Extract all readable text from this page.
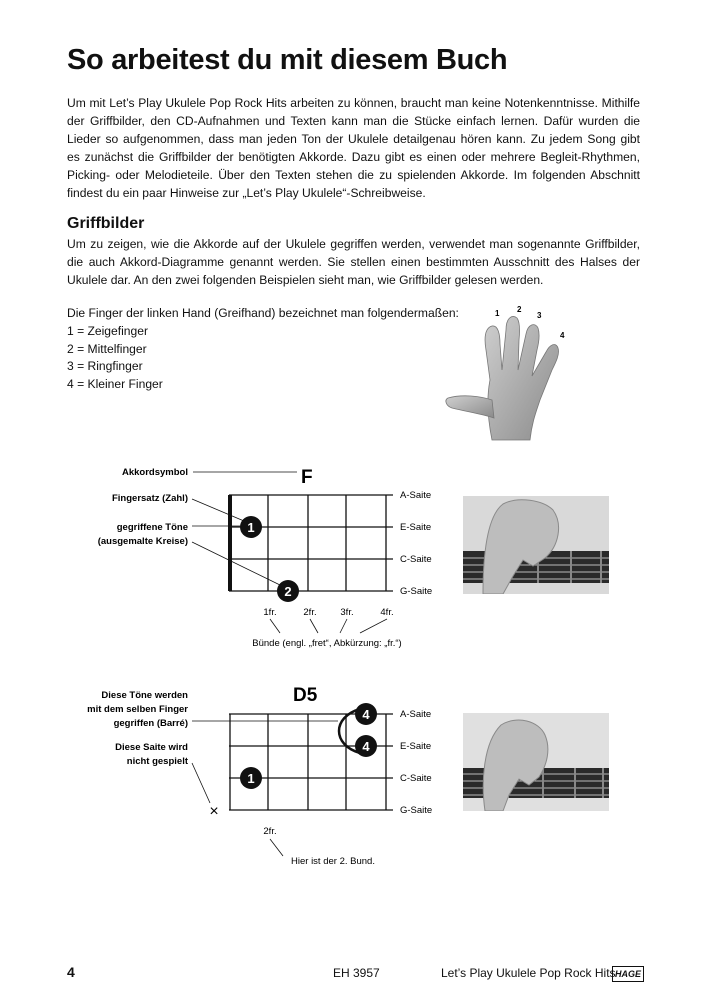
So arbeitest du mit diesem Buch
Um mit Let’s Play Ukulele Pop Rock Hits arbeiten zu können, braucht man keine Notenkenntnisse. Mithilfe
der Griffbilder, den CD-Aufnahmen und Texten kann man die Stücke einfach lernen. Dafür wurden die
Lieder so aufgenommen, dass man jeden Ton der Ukulele detailgenau hören kann. Zu jedem Song gibt
es zunächst die Griffbilder der benötigten Akkorde. Dazu gibt es einen oder mehrere Begleit-Rhythmen,
Picking- oder Melodieteile. Über den Texten stehen die zu spielenden Akkorde. Im folgenden Abschnitt
findest du ein paar Hinweise zur „Let’s Play Ukulele“-Schreibweise.
Griffbilder
Um zu zeigen, wie die Akkorde auf der Ukulele gegriffen werden, verwendet man sogenannte Griffbilder,
die auch Akkord-Diagramme genannt werden. Sie stellen einen bestimmten Ausschnitt des Halses der
Ukulele dar. An den zwei folgenden Beispielen sieht man, wie Griffbilder gelesen werden.
Die Finger der linken Hand (Greifhand) bezeichnet man folgendermaßen:
1 = Zeigefinger
2 = Mittelfinger
3 = Ringfinger
4 = Kleiner Finger
1 2
3
4
F
Akkordsymbol
Fingersatz (Zahl)
gegriffene Töne
(ausgemalte Kreise)
1
2
A-Saite
E-Saite
C-Saite
G-Saite
1fr.	2fr.	3fr.	4fr.
Bünde (engl. „fret“, Abkürzung: „fr.“)
D5
Diese Töne werden
mit dem selben Finger
gegriffen (Barré)
Diese Saite wird
nicht gespielt
4
4
1
×
A-Saite
E-Saite
C-Saite
G-Saite
2fr.
Hier ist der 2. Bund.
4	EH 3957	Let’s Play Ukulele Pop Rock Hits HAGE
